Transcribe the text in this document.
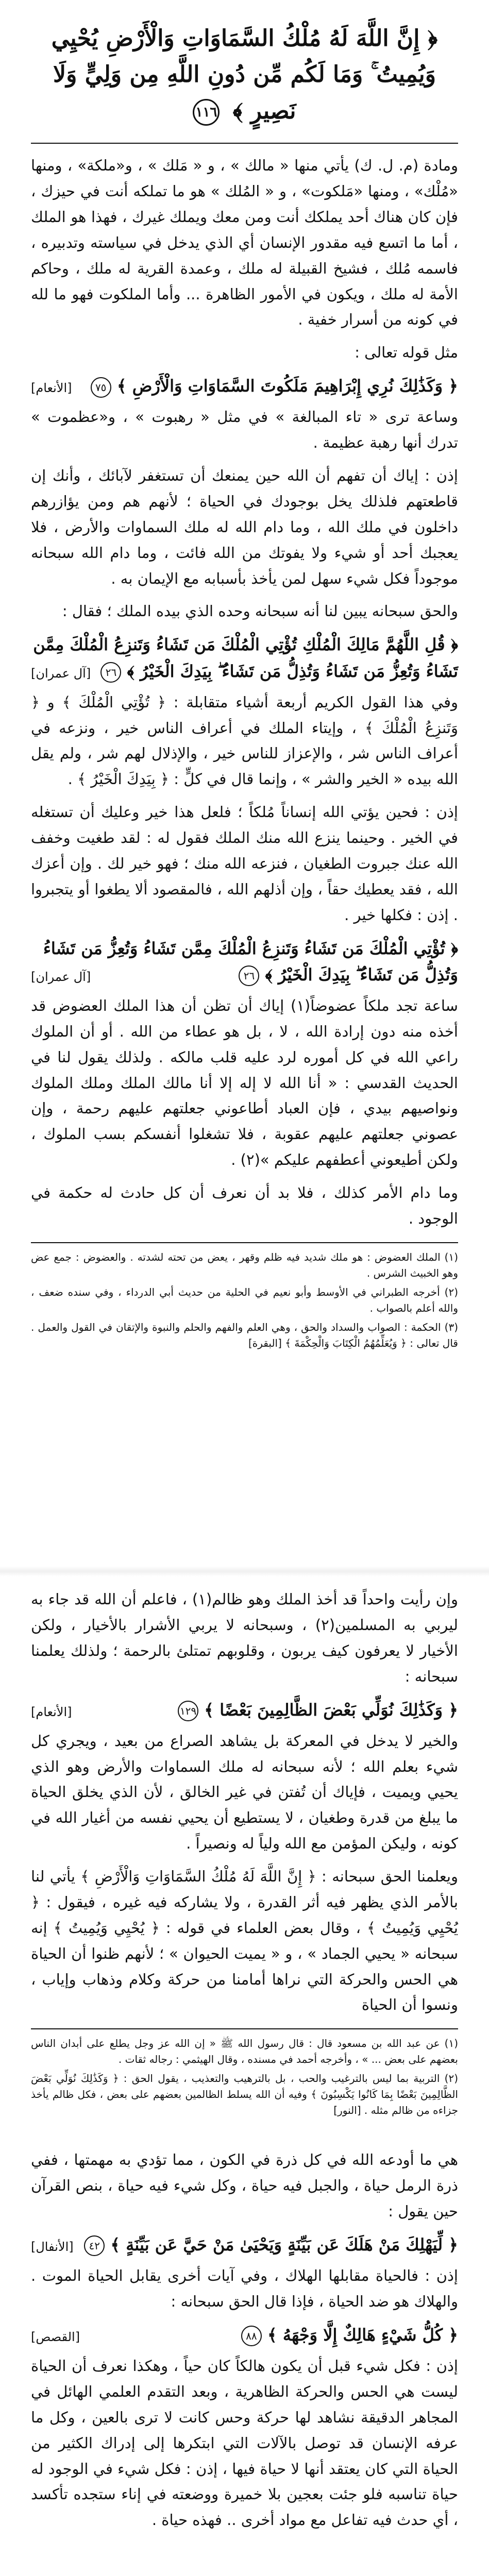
﴿ إِنَّ اللَّهَ لَهُ مُلْكُ السَّمَاوَاتِ وَالْأَرْضِ يُحْيِي وَيُمِيتُ ۚ وَمَا لَكُم مِّن دُونِ اللَّهِ مِن وَلِيٍّ وَلَا نَصِيرٍ ﴾ ١١٦

ومادة (م. ل. ك) يأتي منها « مالك » ، و « مَلك » ، و«ملكة» ، ومنها «مُلْك» ، ومنها «مَلكوت» ، و « المُلك » هو ما تملكه أنت في حيزك ، فإن كان هناك أحد يملكك أنت ومن معك ويملك غيرك ، فهذا هو الملك ، أما ما اتسع فيه مقدور الإنسان أي الذي يدخل في سياسته وتدبيره ، فاسمه مُلك ، فشيخ القبيلة له ملك ، وعمدة القرية له ملك ، وحاكم الأمة له ملك ، ويكون في الأمور الظاهرة ... وأما الملكوت فهو ما لله في كونه من أسرار خفية .

مثل قوله تعالى :

﴿ وَكَذَٰلِكَ نُرِي إِبْرَاهِيمَ مَلَكُوتَ السَّمَاوَاتِ وَالْأَرْضِ ﴾ ٧٥
[الأنعام]

وساعة ترى « تاء المبالغة » في مثل « رهبوت » ، و«عظموت » تدرك أنها رهبة عظيمة .

إذن : إياك أن تفهم أن الله حين يمنعك أن تستغفر لآبائك ، وأنك إن قاطعتهم فلذلك يخل بوجودك في الحياة ؛ لأنهم هم ومن يؤازرهم داخلون في ملك الله ، وما دام الله له ملك السماوات والأرض ، فلا يعجبك أحد أو شيء ولا يفوتك من الله فائت ، وما دام الله سبحانه موجوداً فكل شيء سهل لمن يأخذ بأسبابه مع الإيمان به .

والحق سبحانه يبين لنا أنه سبحانه وحده الذي بيده الملك ؛ فقال :

﴿ قُلِ اللَّهُمَّ مَالِكَ الْمُلْكِ تُؤْتِي الْمُلْكَ مَن تَشَاءُ وَتَنزِعُ الْمُلْكَ مِمَّن تَشَاءُ وَتُعِزُّ مَن تَشَاءُ وَتُذِلُّ مَن تَشَاءُ ۖ بِيَدِكَ الْخَيْرُ ﴾ ٢٦
[آل عمران]

وفي هذا القول الكريم أربعة أشياء متقابلة : ﴿ تُؤْتِي الْمُلْكَ ﴾ و ﴿ وَتَنزِعُ الْمُلْكَ ﴾ ، وإيتاء الملك في أعراف الناس خير ، ونزعه في أعراف الناس شر ، والإعزاز للناس خير ، والإذلال لهم شر ، ولم يقل الله بيده « الخير والشر » ، وإنما قال في كلٍّ : ﴿ بِيَدِكَ الْخَيْرُ ﴾ .

إذن : فحين يؤتي الله إنساناً مُلكاً ؛ فلعل هذا خير وعليك أن تستغله في الخير . وحينما ينزع الله منك الملك فقول له : لقد طغيت وخفف الله عنك جبروت الطغيان ، فنزعه الله منك ؛ فهو خير لك . وإن أعزك الله ، فقد يعطيك حقاً ، وإن أذلهم الله ، فالمقصود ألا يطغوا أو يتجبروا . إذن : فكلها خير .

﴿ تُؤْتِي الْمُلْكَ مَن تَشَاءُ وَتَنزِعُ الْمُلْكَ مِمَّن تَشَاءُ وَتُعِزُّ مَن تَشَاءُ وَتُذِلُّ مَن تَشَاءُ ۖ بِيَدِكَ الْخَيْرُ ﴾ ٢٦
[آل عمران]

ساعة تجد ملكاً عضوضاً(١) إياك أن تظن أن هذا الملك العضوض قد أخذه منه دون إرادة الله ، لا ، بل هو عطاء من الله . أو أن الملوك راعي الله في كل أموره لرد عليه قلب مالكه . ولذلك يقول لنا في الحديث القدسي : « أنا الله لا إله إلا أنا مالك الملك وملك الملوك ونواصيهم بيدي ، فإن العباد أطاعوني جعلتهم عليهم رحمة ، وإن عصوني جعلتهم عليهم عقوبة ، فلا تشغلوا أنفسكم بسب الملوك ، ولكن أطيعوني أعطفهم عليكم »(٢) .

وما دام الأمر كذلك ، فلا بد أن نعرف أن كل حادث له حكمة في الوجود .

(١) الملك العضوض : هو ملك شديد فيه ظلم وقهر ، يعض من تحته لشدته . والعضوض : جمع عض وهو الخبيث الشرس .

(٢) أخرجه الطبراني في الأوسط وأبو نعيم في الحلية من حديث أبي الدرداء ، وفي سنده ضعف ، والله أعلم بالصواب .

(٣) الحكمة : الصواب والسداد والحق ، وهي العلم والفهم والحلم والنبوة والإتقان في القول والعمل . قال تعالى : ﴿ وَيُعَلِّمُهُمُ الْكِتَابَ وَالْحِكْمَةَ ﴾ [البقرة]

وإن رأيت واحداً قد أخذ الملك وهو ظالم(١) ، فاعلم أن الله قد جاء به ليربي به المسلمين(٢) ، وسبحانه لا يربي الأشرار بالأخيار ، ولكن الأخيار لا يعرفون كيف يربون ، وقلوبهم تمتلئ بالرحمة ؛ ولذلك يعلمنا سبحانه :

﴿ وَكَذَٰلِكَ نُوَلِّي بَعْضَ الظَّالِمِينَ بَعْضًا ﴾ ١٢٩
[الأنعام]

والخير لا يدخل في المعركة بل يشاهد الصراع من بعيد ، ويجري كل شيء بعلم الله ؛ لأنه سبحانه له ملك السماوات والأرض وهو الذي يحيي ويميت ، فإياك أن تُفتن في غير الخالق ، لأن الذي يخلق الحياة ما يبلغ من قدرة وطغيان ، لا يستطيع أن يحيي نفسه من أغيار الله في كونه ، وليكن المؤمن مع الله ولياً له ونصيراً .

ويعلمنا الحق سبحانه : ﴿ إِنَّ اللَّهَ لَهُ مُلْكُ السَّمَاوَاتِ وَالْأَرْضِ ﴾ يأتي لنا بالأمر الذي يظهر فيه أثر القدرة ، ولا يشاركه فيه غيره ، فيقول : ﴿ يُحْيِي وَيُمِيتُ ﴾ ، وقال بعض العلماء في قوله : ﴿ يُحْيِي وَيُمِيتُ ﴾ إنه سبحانه « يحيي الجماد » ، و « يميت الحيوان » ؛ لأنهم ظنوا أن الحياة هي الحس والحركة التي نراها أمامنا من حركة وكلام وذهاب وإياب ، ونسوا أن الحياة

(١) عن عبد الله بن مسعود قال : قال رسول الله ﷺ « إن الله عز وجل يطلع على أبدان الناس بعضهم على بعض ... » ، وأخرجه أحمد في مسنده ، وقال الهيثمي : رجاله ثقات .

(٢) التربية بما ليس بالترغيب والحب ، بل بالترهيب والتعذيب ، يقول الحق : ﴿ وَكَذَٰلِكَ نُوَلِّي بَعْضَ الظَّالِمِينَ بَعْضًا بِمَا كَانُوا يَكْسِبُونَ ﴾ وفيه أن الله يسلط الظالمين بعضهم على بعض ، فكل ظالم يأخذ جزاءه من ظالم مثله . [النور]

هي ما أودعه الله في كل ذرة في الكون ، مما تؤدي به مهمتها ، ففي ذرة الرمل حياة ، والجبل فيه حياة ، وكل شيء فيه حياة ، بنص القرآن حين يقول :

﴿ لِّيَهْلِكَ مَنْ هَلَكَ عَن بَيِّنَةٍ وَيَحْيَىٰ مَنْ حَيَّ عَن بَيِّنَةٍ ﴾ ٤٢
[الأنفال]

إذن : فالحياة مقابلها الهلاك ، وفي آيات أخرى يقابل الحياة الموت . والهلاك هو ضد الحياة ، فإذا قال الحق سبحانه :

﴿ كُلُّ شَيْءٍ هَالِكٌ إِلَّا وَجْهَهُ ﴾ ٨٨
[القصص]

إذن : فكل شيء قبل أن يكون هالكاً كان حياً ، وهكذا نعرف أن الحياة ليست هي الحس والحركة الظاهرية ، وبعد التقدم العلمي الهائل في المجاهر الدقيقة نشاهد لها حركة وحس كانت لا ترى بالعين ، وكل ما عرفه الإنسان قد توصل بالآلات التي ابتكرها إلى إدراك الكثير من الحياة التي كان يعتقد أنها لا حياة فيها ، إذن : فكل شيء في الوجود له حياة تناسبه فلو جئت بعجين بلا خميرة ووضعته في إناء ستجده تأكسد ، أي حدث فيه تفاعل مع مواد أخرى .. فهذه حياة .
